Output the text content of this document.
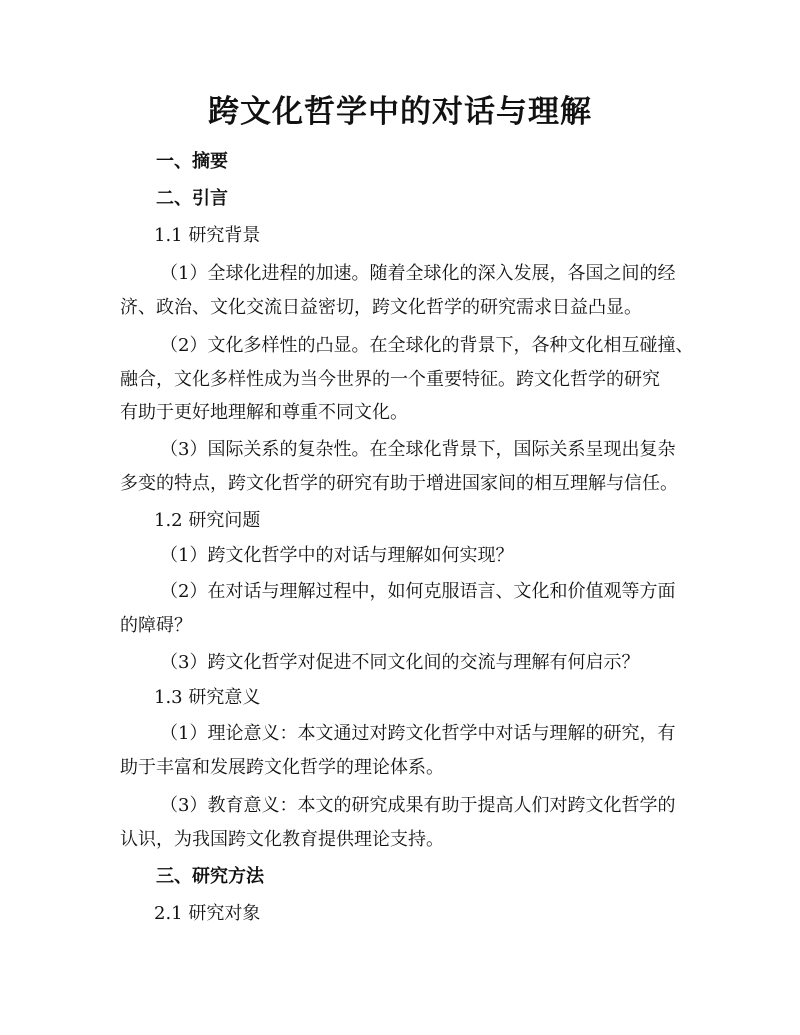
跨文化哲学中的对话与理解

一、摘要

二、引言

1.1 研究背景

（1）全球化进程的加速。随着全球化的深入发展，各国之间的经

济、政治、文化交流日益密切，跨文化哲学的研究需求日益凸显。

（2）文化多样性的凸显。在全球化的背景下，各种文化相互碰撞、

融合，文化多样性成为当今世界的一个重要特征。跨文化哲学的研究

有助于更好地理解和尊重不同文化。

（3）国际关系的复杂性。在全球化背景下，国际关系呈现出复杂

多变的特点，跨文化哲学的研究有助于增进国家间的相互理解与信任。

1.2 研究问题

（1）跨文化哲学中的对话与理解如何实现？

（2）在对话与理解过程中，如何克服语言、文化和价值观等方面

的障碍？

（3）跨文化哲学对促进不同文化间的交流与理解有何启示？

1.3 研究意义

（1）理论意义：本文通过对跨文化哲学中对话与理解的研究，有

助于丰富和发展跨文化哲学的理论体系。

（3）教育意义：本文的研究成果有助于提高人们对跨文化哲学的

认识，为我国跨文化教育提供理论支持。

三、研究方法

2.1 研究对象
